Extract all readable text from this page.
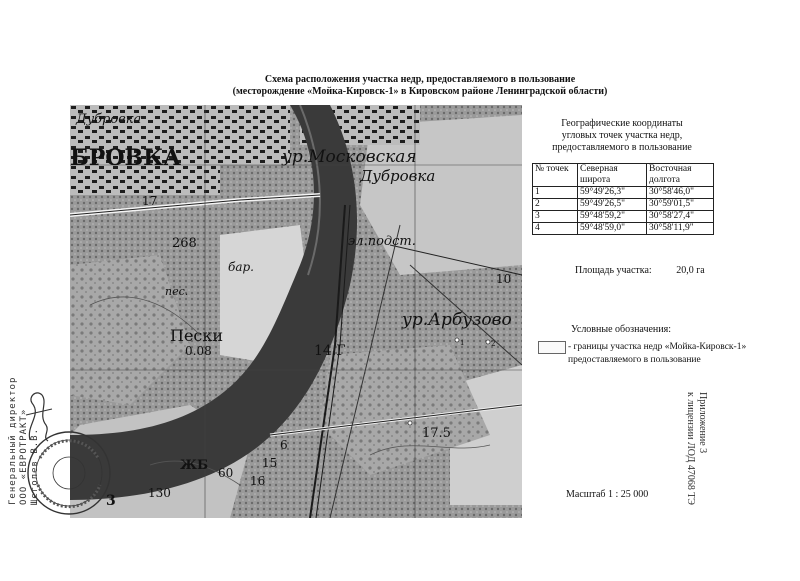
Схема расположения участка недр, предоставляемого в пользование
(месторождение «Мойка-Кировск-1» в Кировском районе Ленинградской области)
Дубровка
БРОВКА	ур.Московская
Дубровка
эл.подст.
пес.
Пески
ур.Арбузово
бар.
17
268
0.08	14.Г
17.5
10
ЖБ
130
60
15
16
3
6
1	2
Географические координаты
угловых точек участка недр,
предоставляемого в пользование
№ точек	Северная широта	Восточная долгота
1	59°49'26,3"	30°58'46,0"
2	59°49'26,5"	30°59'01,5"
3	59°48'59,2"	30°58'27,4"
4	59°48'59,0"	30°58'11,9"
Площадь участка: 20,0 га
Условные обозначения:
- границы участка недр «Мойка-Кировск-1»
предоставляемого в пользование
Масштаб 1 : 25 000
Приложение 3
к лицензии ЛОД 47068 ТЭ
Генеральный директор ООО «ЕВРОТРАКТ» Щеголев В.В.
